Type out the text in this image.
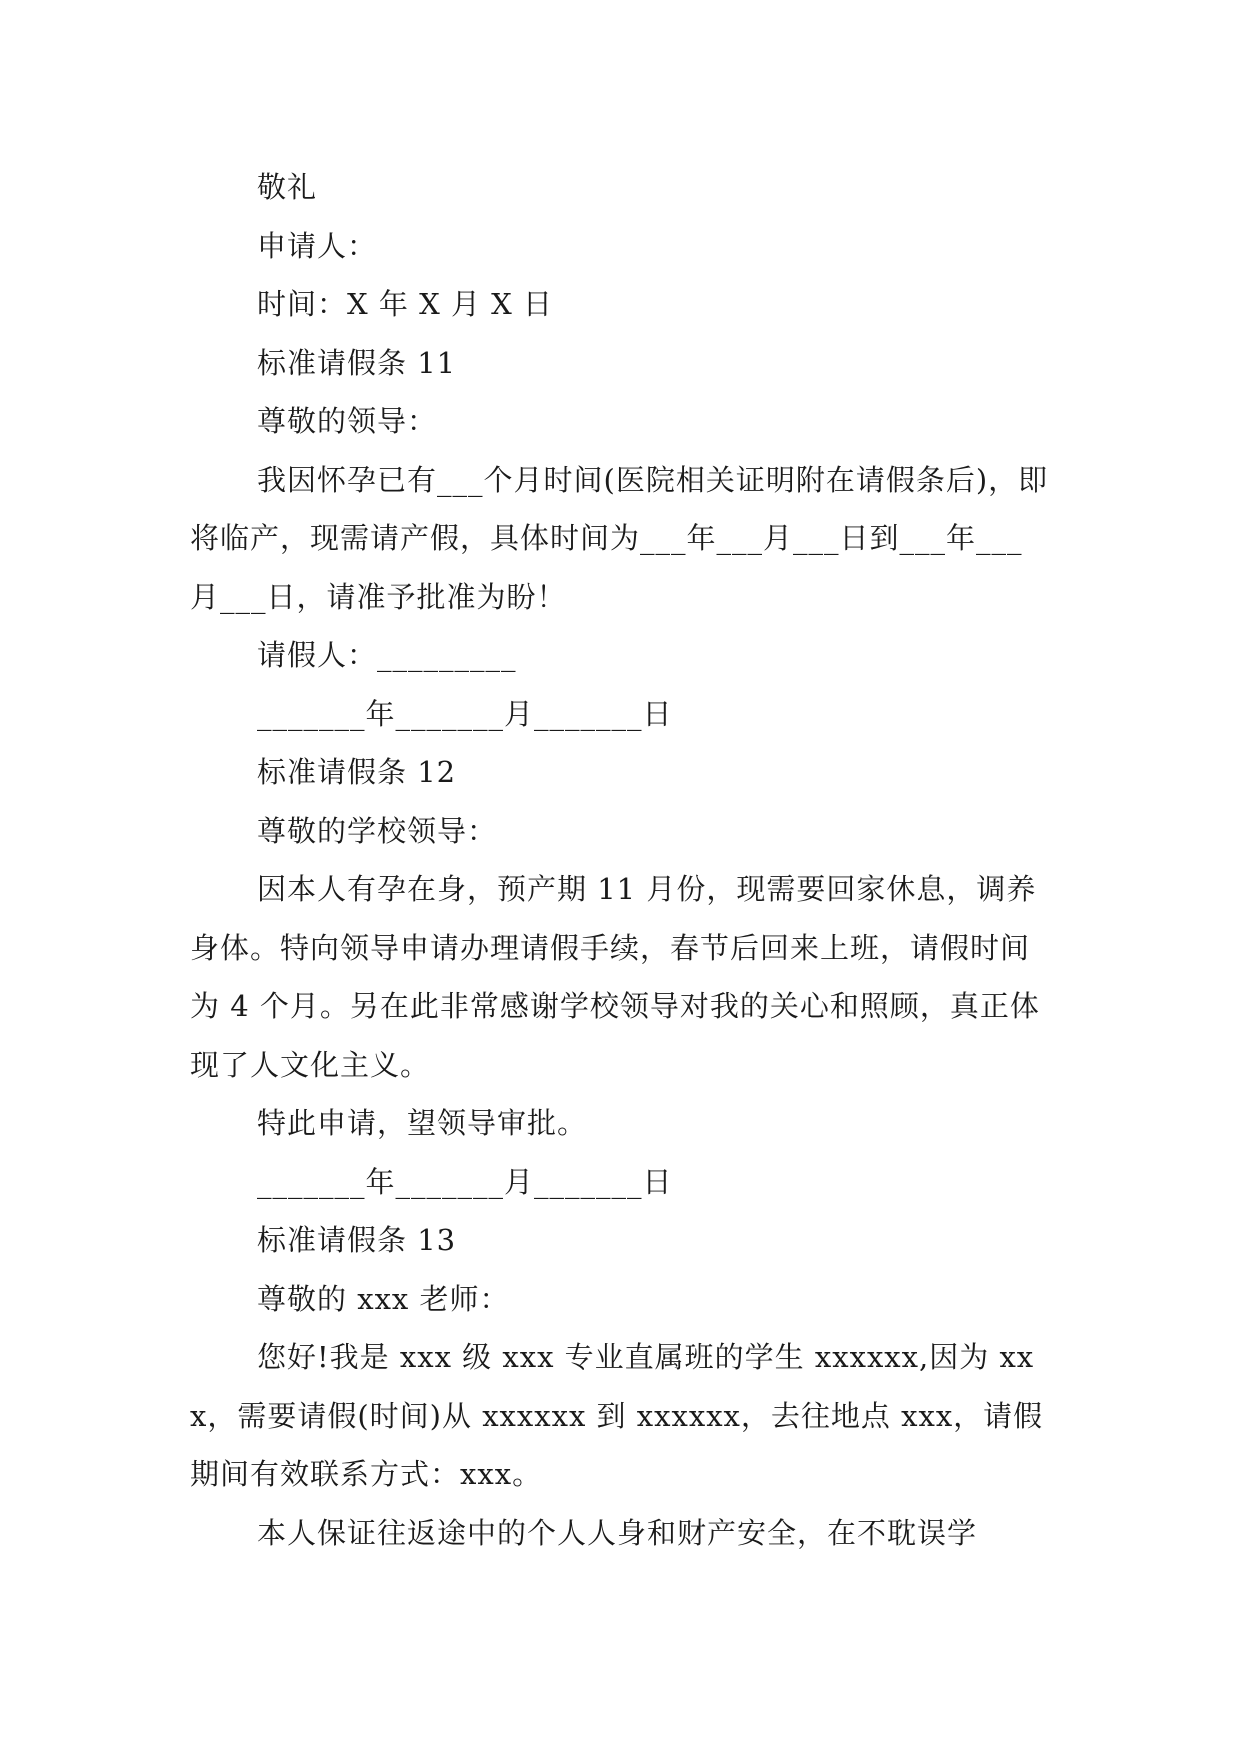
敬礼

申请人：

时间：X 年 X 月 X 日

标准请假条 11

尊敬的领导：

我因怀孕已有___个月时间(医院相关证明附在请假条后)，即将临产，现需请产假，具体时间为___年___月___日到___年___月___日，请准予批准为盼！

请假人：_________

_______年_______月_______日

标准请假条 12

尊敬的学校领导：

因本人有孕在身，预产期 11 月份，现需要回家休息，调养身体。特向领导申请办理请假手续，春节后回来上班，请假时间为 4 个月。另在此非常感谢学校领导对我的关心和照顾，真正体现了人文化主义。

特此申请，望领导审批。

_______年_______月_______日

标准请假条 13

尊敬的 xxx 老师：

您好!我是 xxx 级 xxx 专业直属班的学生 xxxxxx,因为 xxx，需要请假(时间)从 xxxxxx 到 xxxxxx，去往地点 xxx，请假期间有效联系方式：xxx。

本人保证往返途中的个人人身和财产安全，在不耽误学
